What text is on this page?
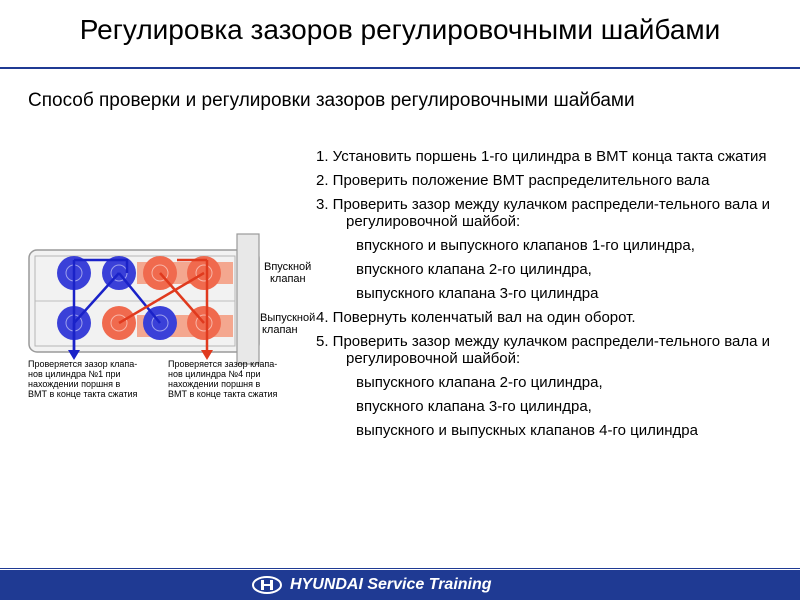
Регулировка зазоров регулировочными шайбами
Способ проверки и регулировки зазоров регулировочными шайбами
Впускной
клапан
Выпускной
клапан
Проверяется зазор клапа-
нов цилиндра №1 при
нахождении поршня в
ВМТ в конце такта сжатия
Проверяется зазор клапа-
нов цилиндра №4 при
нахождении поршня в
ВМТ в конце такта сжатия
1. Установить поршень 1-го цилиндра в ВМТ конца такта сжатия
2. Проверить положение ВМТ распределительного вала
3. Проверить зазор между кулачком распредели-тельного вала и регулировочной шайбой:
впускного и выпускного клапанов 1-го цилиндра,
впускного клапана 2-го цилиндра,
выпускного клапана 3-го цилиндра
4. Повернуть коленчатый вал на один оборот.
5. Проверить зазор между кулачком распредели-тельного вала и регулировочной шайбой:
выпускного клапана 2-го цилиндра,
впускного клапана 3-го цилиндра,
выпускного и выпускных клапанов 4-го цилиндра
HYUNDAI Service Training
